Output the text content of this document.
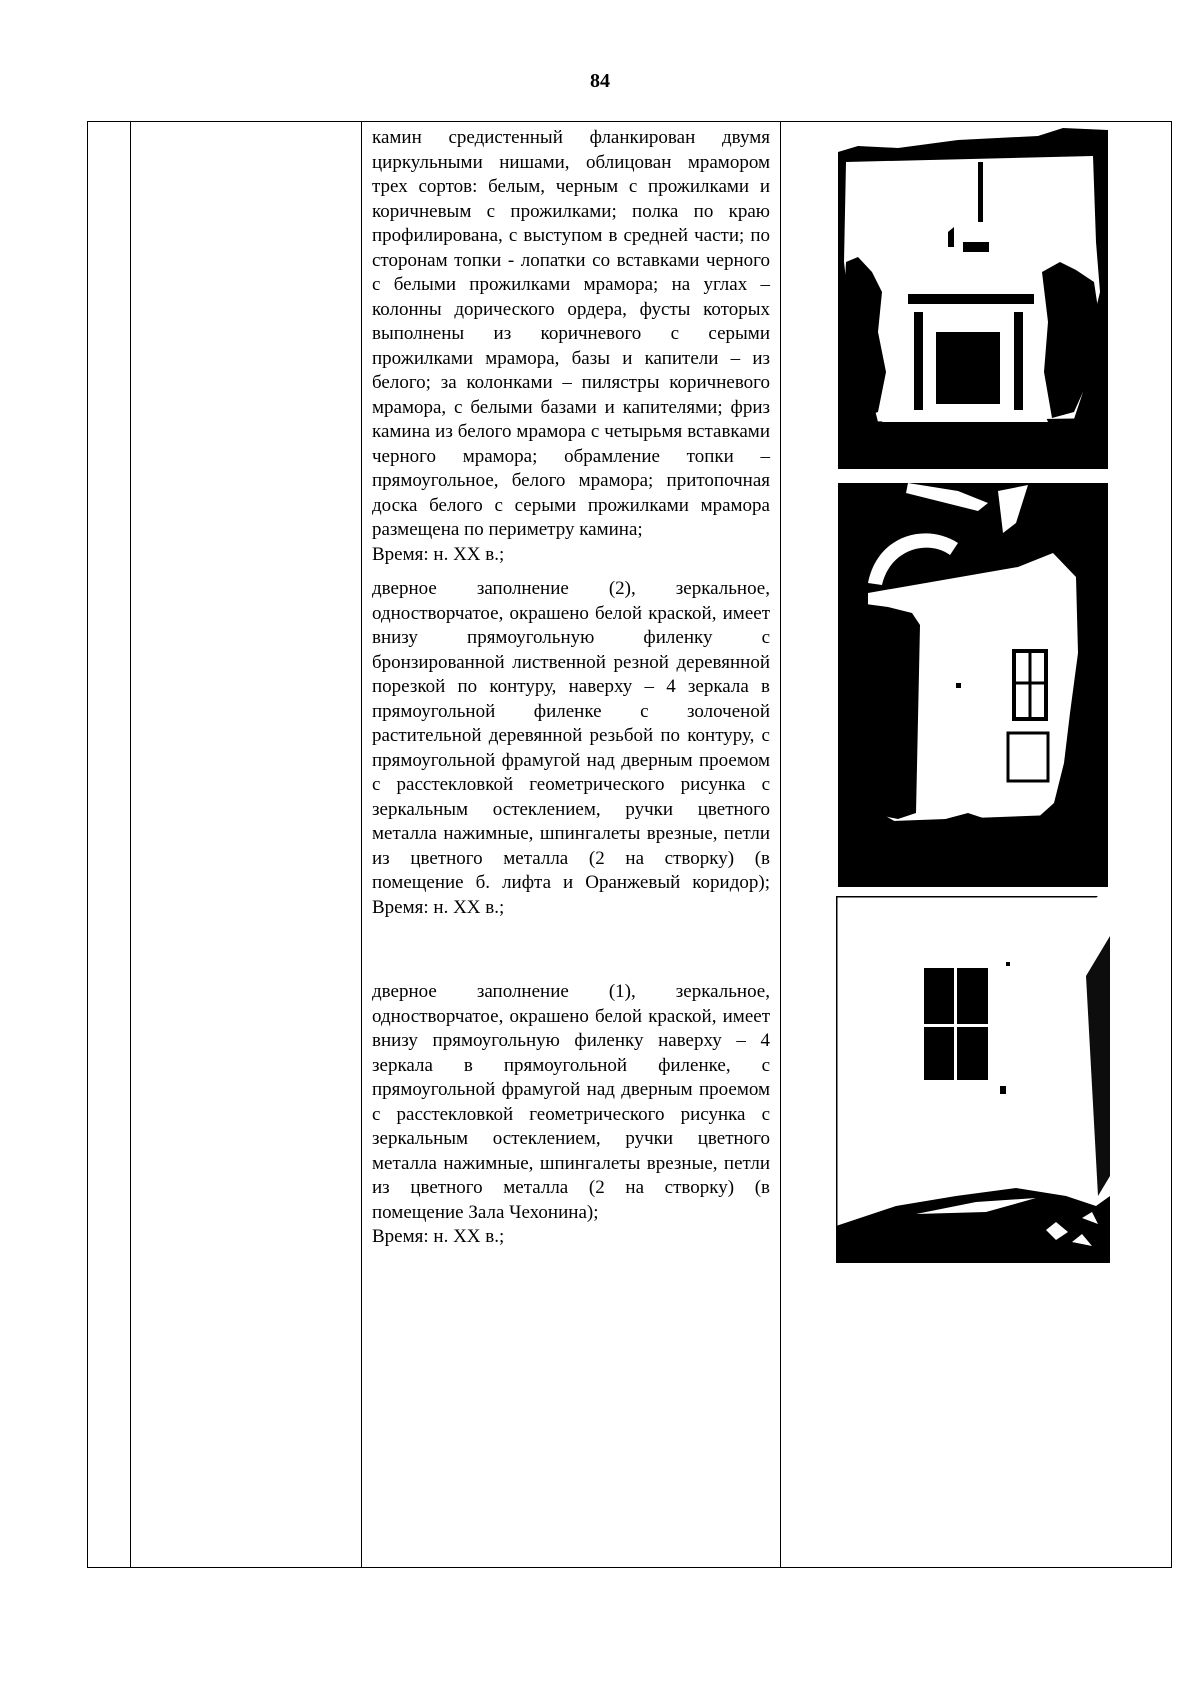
84

камин средистенный фланкирован двумя циркульными нишами, облицован мрамором трех сортов: белым, черным с прожилками и коричневым с прожилками; полка по краю профилирована, с выступом в средней части; по сторонам топки - лопатки со вставками черного с белыми прожилками мрамора; на углах – колонны дорического ордера, фусты которых выполнены из коричневого с серыми прожилками мрамора, базы и капители – из белого; за колонками – пилястры коричневого мрамора, с белыми базами и капителями; фриз камина из белого мрамора с четырьмя вставками черного мрамора; обрамление топки – прямоугольное, белого мрамора; притопочная доска белого с серыми прожилками мрамора размещена по периметру камина;

Время: н. XX в.;

дверное заполнение (2), зеркальное, одностворчатое, окрашено белой краской, имеет внизу прямоугольную филенку с бронзированной лиственной резной деревянной порезкой по контуру, наверху – 4 зеркала в прямоугольной филенке с золоченой растительной деревянной резьбой по контуру, с прямоугольной фрамугой над дверным проемом с расстекловкой геометрического рисунка с зеркальным остеклением, ручки цветного металла нажимные, шпингалеты врезные, петли из цветного металла (2 на створку) (в помещение б. лифта и Оранжевый коридор); Время: н. XX в.;

дверное заполнение (1), зеркальное, одностворчатое, окрашено белой краской, имеет внизу прямоугольную филенку наверху – 4 зеркала в прямоугольной филенке, с прямоугольной фрамугой над дверным проемом с расстекловкой геометрического рисунка с зеркальным остеклением, ручки цветного металла нажимные, шпингалеты врезные, петли из цветного металла (2 на створку) (в помещение Зала Чехонина);

Время: н. XX в.;
